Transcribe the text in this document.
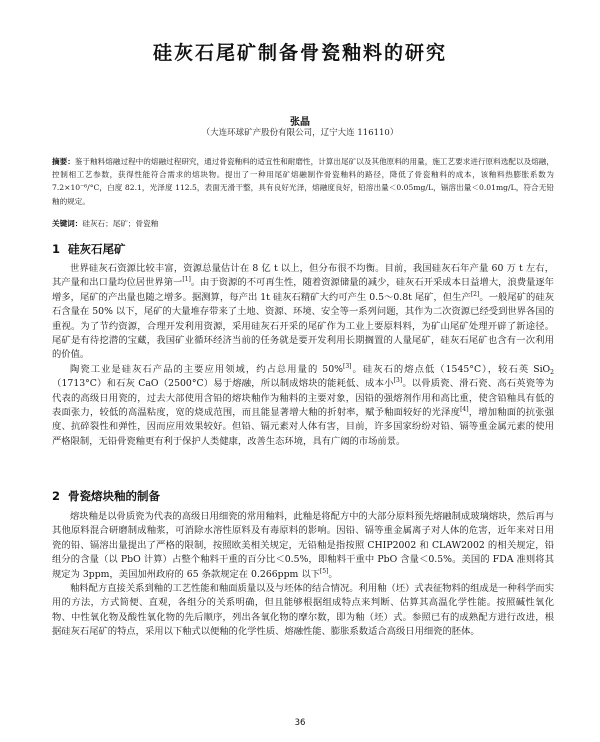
硅灰石尾矿制备骨瓷釉料的研究
张晶
（大连环球矿产股份有限公司，辽宁大连 116110）
摘要：鉴于釉料熔融过程中的熔融过程研究，通过骨瓷釉料的适宜性和耐磨性，计算出尾矿以及其他原料的用量，施工艺要求进行原料选配以及熔融，控制相工艺参数，获得性能符合需求的熔块物。提出了一种用尾矿熔融制作骨瓷釉料的路径，降低了骨瓷釉料的成本，该釉料热膨胀系数为 7.2×10⁻⁶/°C，白度 82.1，光泽度 112.5，表面无滑干整，具有良好光泽，熔融度良好，铅溶出量＜0.05mg/L，镉溶出量＜0.01mg/L，符合无铅釉的规定。
关键词：硅灰石；尾矿；骨瓷釉
1 硅灰石尾矿

世界硅灰石资源比较丰富，资源总量估计在 8 亿 t 以上，但分布很不均衡。目前，我国硅灰石年产量 60 万 t 左右，其产量和出口量均位居世界第一[1]。由于资源的不可再生性，随着资源储量的减少，硅灰石开采成本日益增大，浪费量逐年增多，尾矿的产出量也随之增多。据测算，每产出 1t 硅灰石精矿大约可产生 0.5～0.8t 尾矿，但生产[2]。一般尾矿的硅灰石含量在 50% 以下，尾矿的大量堆存带来了土地、资源、环境、安全等一系列问题，其作为二次资源已经受到世界各国的重视。为了节约资源，合理开发利用资源，采用硅灰石开采的尾矿作为工业上要原料料，为矿山尾矿处理开辟了新途径。尾矿是有待挖潜的宝藏，我国矿业循环经济当前的任务就是要开发利用长期搁置的人量尾矿，硅灰石尾矿也含有一次利用的价值。

陶瓷工业是硅灰石产品的主要应用领域，约占总用量的 50%[3]。硅灰石的熔点低（1545°C），较石英 SiO$_2$（1713°C）和石灰 CaO（2500°C）易于熔融，所以制成熔块的能耗低、成本小[3]。以骨质瓷、滑石瓷、高石英瓷等为代表的高级日用瓷的，过去大部使用含铅的熔块釉作为釉料的主要对象，因铅的强熔剂作用和高比重，使含铅釉具有低的表面张力，较低的高温粘度，宽的烧成范围，而且能显著增大釉的折射率，赋予釉面较好的光泽度[4]，增加釉面的抗张强度、抗碎裂性和弹性，因而应用效果较好。但铅、镉元素对人体有害，目前，许多国家纷纷对铅、镉等重金属元素的使用严格限制，无铅骨瓷釉更有利于保护人类健康，改善生态环境，具有广阔的市场前景。

2 骨瓷熔块釉的制备

熔块釉是以骨质瓷为代表的高级日用细瓷的常用釉料，此釉是将配方中的大部分原料预先熔融制成玻璃熔块，然后再与其他原料混合研磨制成釉浆，可消除水溶性原料及有毒原料的影响。因铅、镉等重金属离子对人体的危害，近年来对日用瓷的铅、镉溶出量提出了严格的限制，按照欧美相关规定，无铅釉是指按照 CHIP2002 和 CLAW2002 的相关规定，铅组分的含量（以 PbO 计算）占整个釉料干重的百分比＜0.5%，即釉料干重中 PbO 含量＜0.5%。美国的 FDA 准则将其规定为 3ppm，美国加州政府的 65 条款规定在 0.266ppm 以下[5]。

釉料配方直接关系到釉的工艺性能和釉面质量以及与坯体的结合情况。利用釉（坯）式表征物料的组成是一种科学而实用的方法，方式简便、直观，各组分的关系明确，但且能够根据组成特点来判断、估算其高温化学性能。按照碱性氧化物、中性氧化物及酸性氧化物的先后顺序，列出各氧化物的摩尔数，即为釉（坯）式。参照已有的成熟配方进行改进，根据硅灰石尾矿的特点，采用以下釉式以便釉的化学性质、熔融性能、膨胀系数适合高级日用细瓷的胚体。

36
